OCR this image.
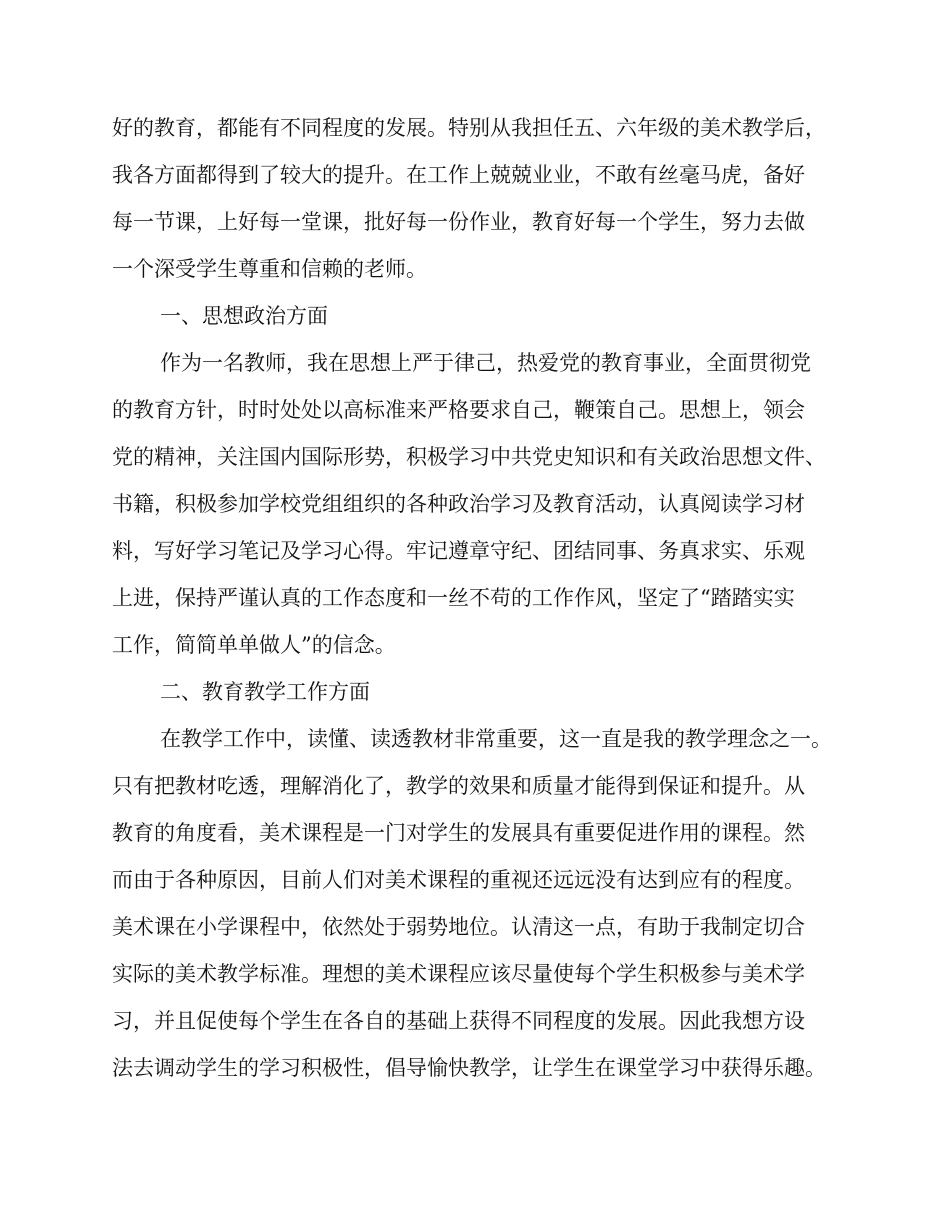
好的教育，都能有不同程度的发展。特别从我担任五、六年级的美术教学后，
我各方面都得到了较大的提升。在工作上兢兢业业，不敢有丝毫马虎，备好
每一节课，上好每一堂课，批好每一份作业，教育好每一个学生，努力去做
一个深受学生尊重和信赖的老师。
一、思想政治方面
作为一名教师，我在思想上严于律己，热爱党的教育事业，全面贯彻党
的教育方针，时时处处以高标准来严格要求自己，鞭策自己。思想上，领会
党的精神，关注国内国际形势，积极学习中共党史知识和有关政治思想文件、
书籍，积极参加学校党组组织的各种政治学习及教育活动，认真阅读学习材
料，写好学习笔记及学习心得。牢记遵章守纪、团结同事、务真求实、乐观
上进，保持严谨认真的工作态度和一丝不苟的工作作风，坚定了“踏踏实实
工作，简简单单做人”的信念。
二、教育教学工作方面
在教学工作中，读懂、读透教材非常重要，这一直是我的教学理念之一。
只有把教材吃透，理解消化了，教学的效果和质量才能得到保证和提升。从
教育的角度看，美术课程是一门对学生的发展具有重要促进作用的课程。然
而由于各种原因，目前人们对美术课程的重视还远远没有达到应有的程度。
美术课在小学课程中，依然处于弱势地位。认清这一点，有助于我制定切合
实际的美术教学标准。理想的美术课程应该尽量使每个学生积极参与美术学
习，并且促使每个学生在各自的基础上获得不同程度的发展。因此我想方设
法去调动学生的学习积极性，倡导愉快教学，让学生在课堂学习中获得乐趣。
